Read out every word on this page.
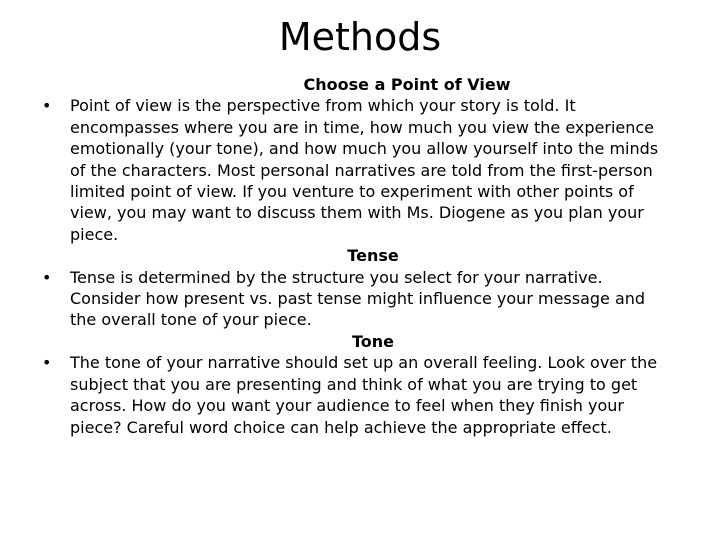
Methods

Choose a Point of View

• Point of view is the perspective from which your story is told. It encompasses where you are in time, how much you view the experience emotionally (your tone), and how much you allow yourself into the minds of the characters. Most personal narratives are told from the first-person limited point of view. If you venture to experiment with other points of view, you may want to discuss them with Ms. Diogene as you plan your piece.

Tense

• Tense is determined by the structure you select for your narrative. Consider how present vs. past tense might influence your message and the overall tone of your piece.

Tone

• The tone of your narrative should set up an overall feeling. Look over the subject that you are presenting and think of what you are trying to get across. How do you want your audience to feel when they finish your piece? Careful word choice can help achieve the appropriate effect.
